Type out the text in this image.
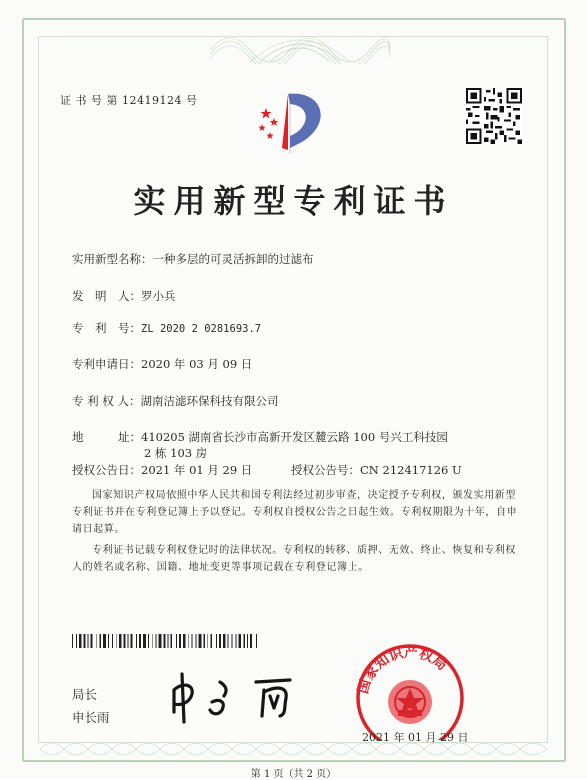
证 书 号 第 12419124 号
实用新型专利证书
实用新型名称：一种多层的可灵活拆卸的过滤布
发　明　人：罗小兵
专　利　号：ZL 2020 2 0281693.7
专利申请日：2020 年 03 月 09 日
专 利 权 人：湖南洁滤环保科技有限公司
地　　　址：410205 湖南省长沙市高新开发区麓云路 100 号兴工科技园
2 栋 103 房
授权公告日：2021 年 01 月 29 日	授权公告号：CN 212417126 U
国家知识产权局依照中华人民共和国专利法经过初步审查，决定授予专利权，颁发实用新型专利证书并在专利登记簿上予以登记。专利权自授权公告之日起生效。专利权期限为十年，自申请日起算。
专利证书记载专利权登记时的法律状况。专利权的转移、质押、无效、终止、恢复和专利权人的姓名或名称、国籍、地址变更等事项记载在专利登记簿上。
局长
申长雨
国家知识产权局
2021 年 01 月 29 日
第 1 页（共 2 页）
